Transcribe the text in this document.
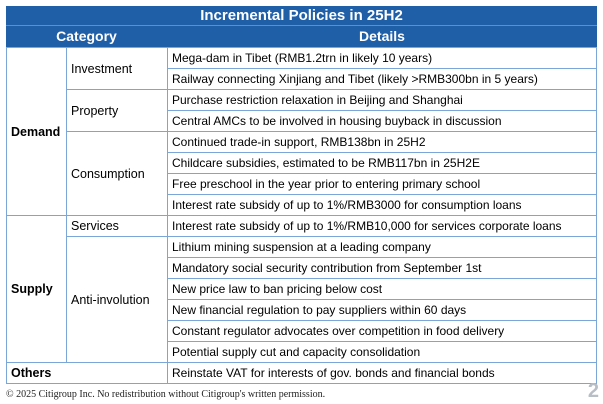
Incremental Policies in 25H2
Category	Details
Demand	Investment	Mega-dam in Tibet (RMB1.2trn in likely 10 years)
		Railway connecting Xinjiang and Tibet (likely >RMB300bn in 5 years)
	Property	Purchase restriction relaxation in Beijing and Shanghai
		Central AMCs to be involved in housing buyback in discussion
	Consumption	Continued trade-in support, RMB138bn in 25H2
		Childcare subsidies, estimated to be RMB117bn in 25H2E
		Free preschool in the year prior to entering primary school
		Interest rate subsidy of up to 1%/RMB3000 for consumption loans
Supply	Services	Interest rate subsidy of up to 1%/RMB10,000 for services corporate loans
	Anti-involution	Lithium mining suspension at a leading company
		Mandatory social security contribution from September 1st
		New price law to ban pricing below cost
		New financial regulation to pay suppliers within 60 days
		Constant regulator advocates over competition in food delivery
		Potential supply cut and capacity consolidation
Others		Reinstate VAT for interests of gov. bonds and financial bonds
© 2025 Citigroup Inc. No redistribution without Citigroup's written permission.	2
